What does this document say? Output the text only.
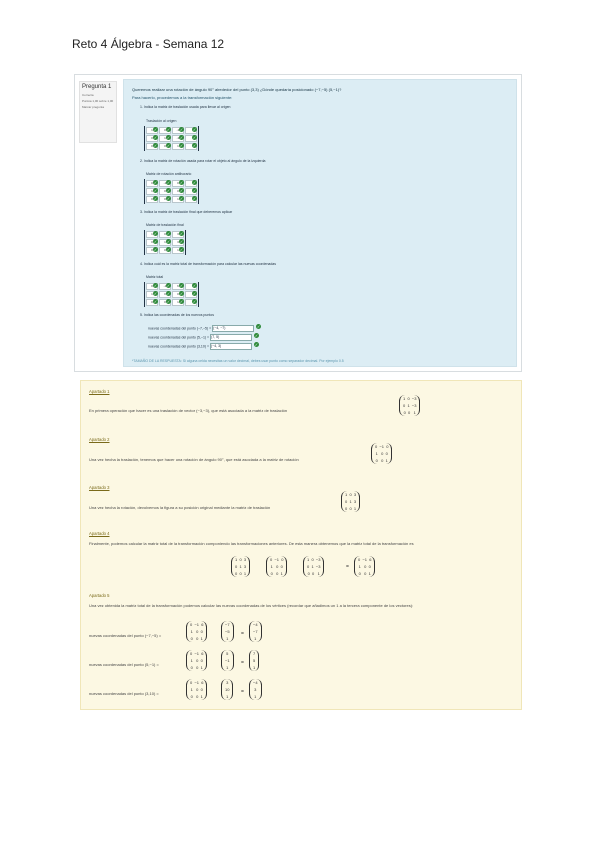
Reto 4 Álgebra - Semana 12
Pregunta 1
Correcta
Puntúa 1,00 sobre 1,00
Marcar pregunta
Queremos realizar una rotación de ángulo 90° alrededor del punto (3,3) ¿Dónde quedaría posicionado (−7,−5) (5,−1)?
Para hacerlo, procedemos a la transformación siguiente:
1. Indica la matriz de traslación usada para llevar al origen
Traslación al origen
1 ✓	0 ✓	-3 ✓ ✓
0 ✓	1 ✓	-3 ✓ ✓
0 ✓	0 ✓	1 ✓ ✓
2. Indica la matriz de rotación usada para rotar el objeto al ángulo de la izquierda
Matriz de rotación antihorario
0 ✓	-1 ✓	0 ✓ ✓
1 ✓	0 ✓	0 ✓ ✓
0 ✓	0 ✓	1 ✓ ✓
3. Indica la matriz de traslación final que deberemos aplicar
Matriz de traslación final
1 ✓	0 ✓	3 ✓
0 ✓	1 ✓	3 ✓
0 ✓	0 ✓	1 ✓
4. Indica cuál es la matriz total de transformación para calcular las nuevas coordenadas
Matriz total
0 ✓	-1 ✓	6 ✓ ✓
1 ✓	0 ✓	0 ✓ ✓
0 ✓	0 ✓	1 ✓ ✓
5. Indica las coordenadas de los nuevos puntos
nuevas coordenadas del punto (−7,−5) = (−4, −7)	✓
nuevas coordenadas del punto (5,−1) = (7, 5)	✓
nuevas coordenadas del punto (3,10) = (−4, 3)	✓
*TAMAÑO DE LA RESPUESTA: Si alguna celda necesitas un valor decimal, debes usar punto como separador decimal. Por ejemplo 0.5
Apartado 1
En primera operación que hacer es una traslación de vector (−3,−3), que está asociada a la matriz de traslación
1  0  −3
0  1  −3
0  0   1
Apartado 2
Una vez hecha la traslación, tenemos que hacer una rotación de ángulo 90°, que está asociada a la matriz de rotación
0  −1  0
1   0  0
0   0  1
Apartado 3
Una vez hecha la rotación, devolvemos la figura a su posición original mediante la matriz de traslación
1  0  3
0  1  3
0  0  1
Apartado 4
Finalmente, podemos calcular la matriz total de la transformación componiendo las transformaciones anteriores. De esta manera obtenemos que la matriz total de la transformación es
1  0  3
0  1  3
0  0  1
0  −1  0
1   0  0
0   0  1
1  0  −3
0  1  −3
0  0   1
=
0  −1  6
1   0  0
0   0  1
Apartado 5
Una vez obtenida la matriz total de la transformación podemos calcular las nuevas coordenadas de los vértices (recordar que añadimos un 1 a la tercera componente de los vectores):
nuevas coordenadas del punto (−7,−5) =
0  −1  6
1   0  0
0   0  1
−7
−5
1
=
−4
−7
1
nuevas coordenadas del punto (5,−1) =
0  −1  6
1   0  0
0   0  1
5
−1
1
=
7
5
1
nuevas coordenadas del punto (3,10) =
0  −1  6
1   0  0
0   0  1
3
10
1
=
−4
3
1
